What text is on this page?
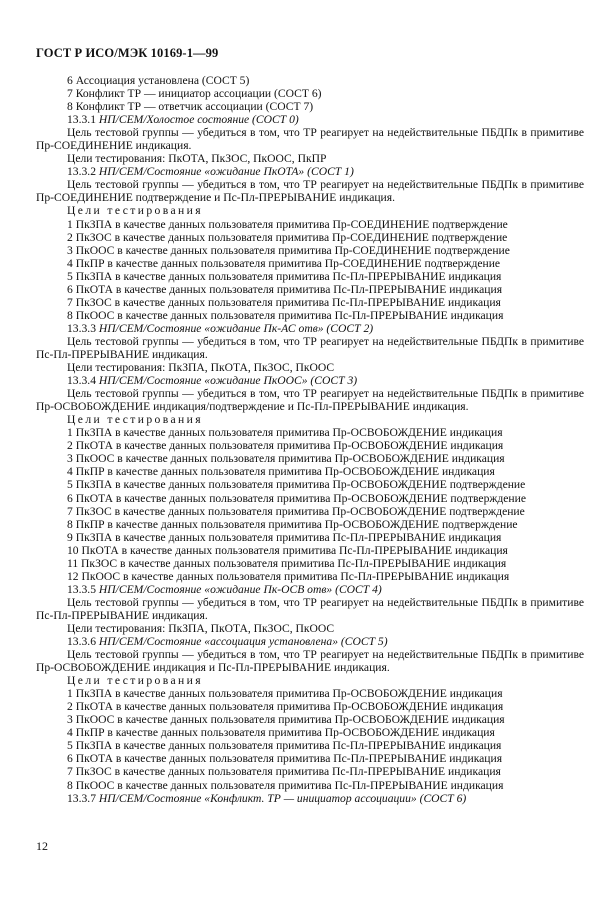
ГОСТ Р ИСО/МЭК 10169-1—99
6 Ассоциация установлена (СОСТ 5)
7 Конфликт ТР — инициатор ассоциации (СОСТ 6)
8 Конфликт ТР — ответчик ассоциации (СОСТ 7)
13.3.1 НП/СЕМ/Холостое состояние (СОСТ 0)
Цель тестовой группы — убедиться в том, что ТР реагирует на недействительные ПБДПк в примитиве Пр-СОЕДИНЕНИЕ индикация.
Цели тестирования: ПкОТА, ПкЗОС, ПкООС, ПкПР
13.3.2 НП/СЕМ/Состояние «ожидание ПкОТА» (СОСТ 1)
Цель тестовой группы — убедиться в том, что ТР реагирует на недействительные ПБДПк в примитиве Пр-СОЕДИНЕНИЕ подтверждение и Пс-Пл-ПРЕРЫВАНИЕ индикация.
Цели тестирования
1 ПкЗПА в качестве данных пользователя примитива Пр-СОЕДИНЕНИЕ подтверждение
2 ПкЗОС в качестве данных пользователя примитива Пр-СОЕДИНЕНИЕ подтверждение
3 ПкООС в качестве данных пользователя примитива Пр-СОЕДИНЕНИЕ подтверждение
4 ПкПР в качестве данных пользователя примитива Пр-СОЕДИНЕНИЕ подтверждение
5 ПкЗПА в качестве данных пользователя примитива Пс-Пл-ПРЕРЫВАНИЕ индикация
6 ПкОТА в качестве данных пользователя примитива Пс-Пл-ПРЕРЫВАНИЕ индикация
7 ПкЗОС в качестве данных пользователя примитива Пс-Пл-ПРЕРЫВАНИЕ индикация
8 ПкООС в качестве данных пользователя примитива Пс-Пл-ПРЕРЫВАНИЕ индикация
13.3.3 НП/СЕМ/Состояние «ожидание Пк-АС отв» (СОСТ 2)
Цель тестовой группы — убедиться в том, что ТР реагирует на недействительные ПБДПк в примитиве Пс-Пл-ПРЕРЫВАНИЕ индикация.
Цели тестирования: ПкЗПА, ПкОТА, ПкЗОС, ПкООС
13.3.4 НП/СЕМ/Состояние «ожидание ПкООС» (СОСТ 3)
Цель тестовой группы — убедиться в том, что ТР реагирует на недействительные ПБДПк в примитиве Пр-ОСВОБОЖДЕНИЕ индикация/подтверждение и Пс-Пл-ПРЕРЫВАНИЕ индикация.
Цели тестирования
1 ПкЗПА в качестве данных пользователя примитива Пр-ОСВОБОЖДЕНИЕ индикация
2 ПкОТА в качестве данных пользователя примитива Пр-ОСВОБОЖДЕНИЕ индикация
3 ПкООС в качестве данных пользователя примитива Пр-ОСВОБОЖДЕНИЕ индикация
4 ПкПР в качестве данных пользователя примитива Пр-ОСВОБОЖДЕНИЕ индикация
5 ПкЗПА в качестве данных пользователя примитива Пр-ОСВОБОЖДЕНИЕ подтверждение
6 ПкОТА в качестве данных пользователя примитива Пр-ОСВОБОЖДЕНИЕ подтверждение
7 ПкЗОС в качестве данных пользователя примитива Пр-ОСВОБОЖДЕНИЕ подтверждение
8 ПкПР в качестве данных пользователя примитива Пр-ОСВОБОЖДЕНИЕ подтверждение
9 ПкЗПА в качестве данных пользователя примитива Пс-Пл-ПРЕРЫВАНИЕ индикация
10 ПкОТА в качестве данных пользователя примитива Пс-Пл-ПРЕРЫВАНИЕ индикация
11 ПкЗОС в качестве данных пользователя примитива Пс-Пл-ПРЕРЫВАНИЕ индикация
12 ПкООС в качестве данных пользователя примитива Пс-Пл-ПРЕРЫВАНИЕ индикация
13.3.5 НП/СЕМ/Состояние «ожидание Пк-ОСВ отв» (СОСТ 4)
Цель тестовой группы — убедиться в том, что ТР реагирует на недействительные ПБДПк в примитиве Пс-Пл-ПРЕРЫВАНИЕ индикация.
Цели тестирования: ПкЗПА, ПкОТА, ПкЗОС, ПкООС
13.3.6 НП/СЕМ/Состояние «ассоциация установлена» (СОСТ 5)
Цель тестовой группы — убедиться в том, что ТР реагирует на недействительные ПБДПк в примитиве Пр-ОСВОБОЖДЕНИЕ индикация и Пс-Пл-ПРЕРЫВАНИЕ индикация.
Цели тестирования
1 ПкЗПА в качестве данных пользователя примитива Пр-ОСВОБОЖДЕНИЕ индикация
2 ПкОТА в качестве данных пользователя примитива Пр-ОСВОБОЖДЕНИЕ индикация
3 ПкООС в качестве данных пользователя примитива Пр-ОСВОБОЖДЕНИЕ индикация
4 ПкПР в качестве данных пользователя примитива Пр-ОСВОБОЖДЕНИЕ индикация
5 ПкЗПА в качестве данных пользователя примитива Пс-Пл-ПРЕРЫВАНИЕ индикация
6 ПкОТА в качестве данных пользователя примитива Пс-Пл-ПРЕРЫВАНИЕ индикация
7 ПкЗОС в качестве данных пользователя примитива Пс-Пл-ПРЕРЫВАНИЕ индикация
8 ПкООС в качестве данных пользователя примитива Пс-Пл-ПРЕРЫВАНИЕ индикация
13.3.7 НП/СЕМ/Состояние «Конфликт. ТР — инициатор ассоциации» (СОСТ 6)
12
